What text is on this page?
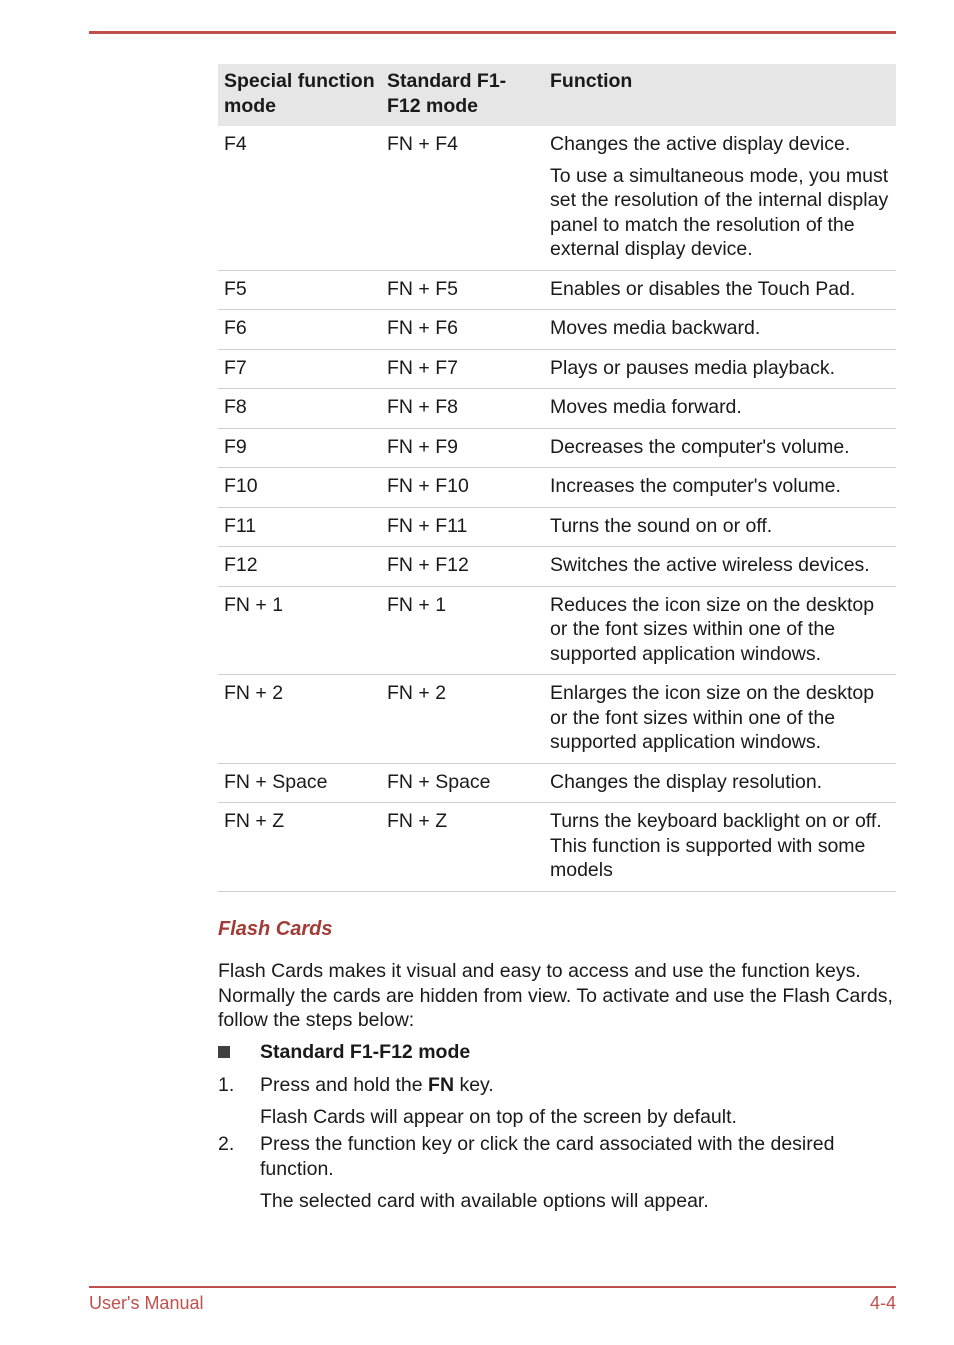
Special function mode	Standard F1-F12 mode	Function
F4	FN + F4	Changes the active display device.

To use a simultaneous mode, you must set the resolution of the internal display panel to match the resolution of the external display device.

F5	FN + F5	Enables or disables the Touch Pad.

F6	FN + F6	Moves media backward.

F7	FN + F7	Plays or pauses media playback.

F8	FN + F8	Moves media forward.

F9	FN + F9	Decreases the computer's volume.

F10	FN + F10	Increases the computer's volume.

F11	FN + F11	Turns the sound on or off.

F12	FN + F12	Switches the active wireless devices.

FN + 1	FN + 1	Reduces the icon size on the desktop or the font sizes within one of the supported application windows.

FN + 2	FN + 2	Enlarges the icon size on the desktop or the font sizes within one of the supported application windows.

FN + Space	FN + Space	Changes the display resolution.

FN + Z	FN + Z	Turns the keyboard backlight on or off. This function is supported with some models

Flash Cards

Flash Cards makes it visual and easy to access and use the function keys. Normally the cards are hidden from view. To activate and use the Flash Cards, follow the steps below:

Standard F1-F12 mode
1. Press and hold the FN key.
Flash Cards will appear on top of the screen by default.
2. Press the function key or click the card associated with the desired function.
The selected card with available options will appear.
User's Manual	4-4
